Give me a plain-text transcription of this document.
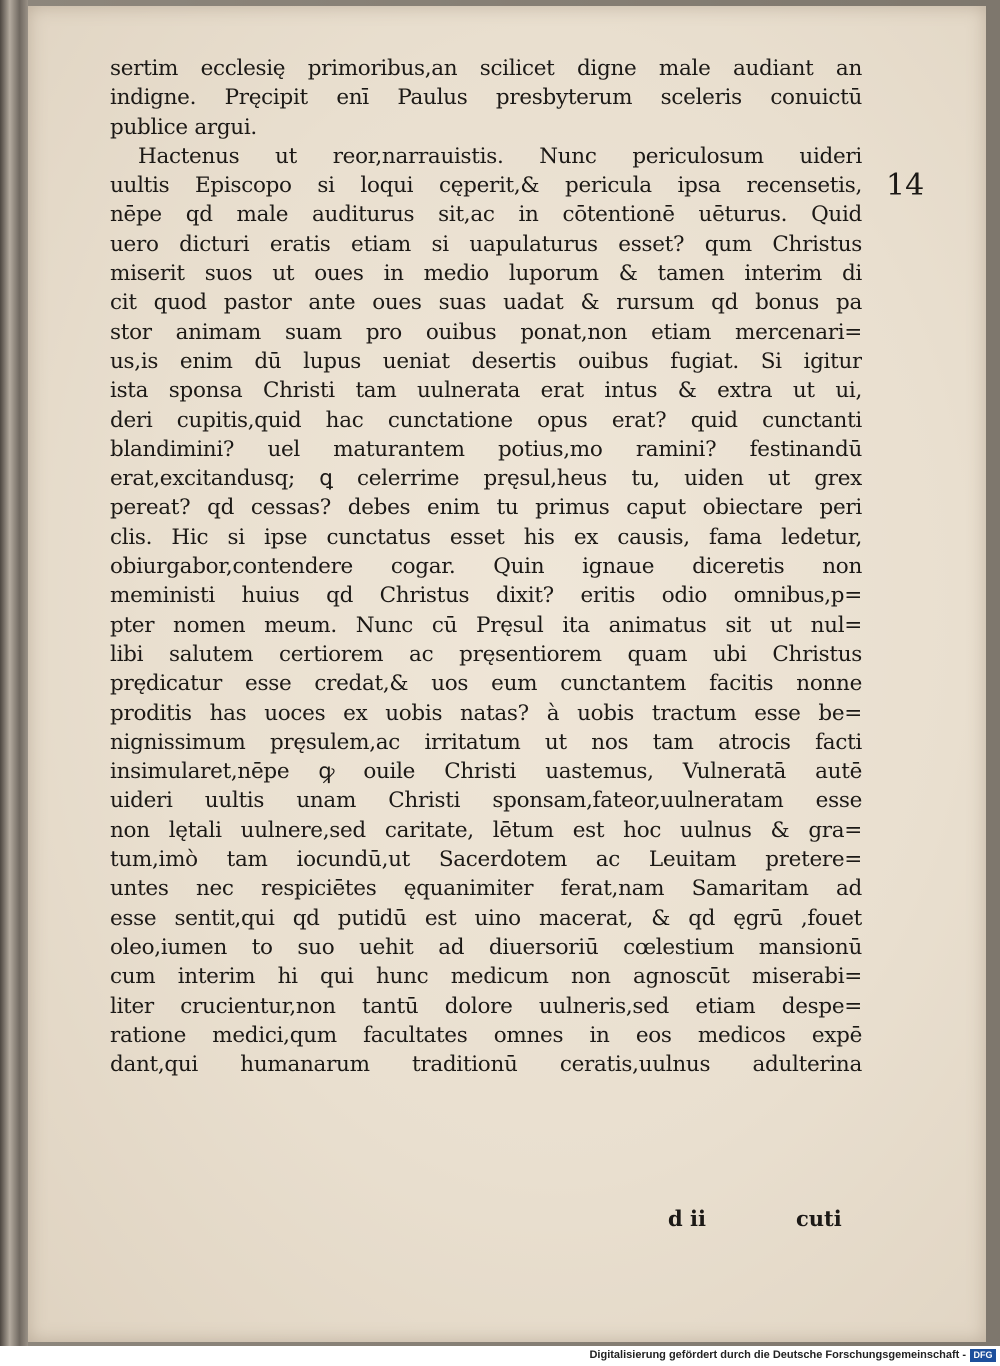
sertim ecclesię primoribus,an scilicet digne male audiant an
indigne. Pręcipit enī Paulus presbyterum sceleris conuictū
publice argui.
Hactenus ut reor,narrauistis. Nunc periculosum uideri
uultis Episcopo si loqui cęperit,& pericula ipsa recensetis,
nēpe qd male auditurus sit,ac in cōtentionē uēturus. Quid
uero dicturi eratis etiam si uapulaturus esset? qum Christus
miserit suos ut oues in medio luporum & tamen interim di
cit quod pastor ante oues suas uadat & rursum qd bonus pa
stor animam suam pro ouibus ponat,non etiam mercenari=
us,is enim dū lupus ueniat desertis ouibus fugiat. Si igitur
ista sponsa Christi tam uulnerata erat intus & extra ut ui,
deri cupitis,quid hac cunctatione opus erat? quid cunctanti
blandimini? uel maturantem potius,mo ramini? festinandū
erat,excitandusq; ꝗ celerrime pręsul,heus tu, uiden ut grex
pereat? qd cessas? debes enim tu primus caput obiectare peri
clis. Hic si ipse cunctatus esset his ex causis, fama ledetur,
obiurgabor,contendere cogar. Quin ignaue diceretis non
meministi huius qd Christus dixit? eritis odio omnibus,p=
pter nomen meum. Nunc cū Pręsul ita animatus sit ut nul=
libi salutem certiorem ac pręsentiorem quam ubi Christus
prędicatur esse credat,& uos eum cunctantem facitis nonne
proditis has uoces ex uobis natas? à uobis tractum esse be=
nignissimum pręsulem,ac irritatum ut nos tam atrocis facti
insimularet,nēpe ꝙ ouile Christi uastemus, Vulneratā autē
uideri uultis unam Christi sponsam,fateor,uulneratam esse
non lętali uulnere,sed caritate, lētum est hoc uulnus & gra=
tum,imò tam iocundū,ut Sacerdotem ac Leuitam pretere=
untes nec respiciētes ęquanimiter ferat,nam Samaritam ad
esse sentit,qui qd putidū est uino macerat, & qd ęgrū ,fouet
oleo,iumen to suo uehit ad diuersoriū cœlestium mansionū
cum interim hi qui hunc medicum non agnoscūt miserabi=
liter crucientur,non tantū dolore uulneris,sed etiam despe=
ratione medici,qum facultates omnes in eos medicos expē
dant,qui humanarum traditionū ceratis,uulnus adulterina
14
d ii	cuti
Digitalisierung gefördert durch die Deutsche Forschungsgemeinschaft - DFG
